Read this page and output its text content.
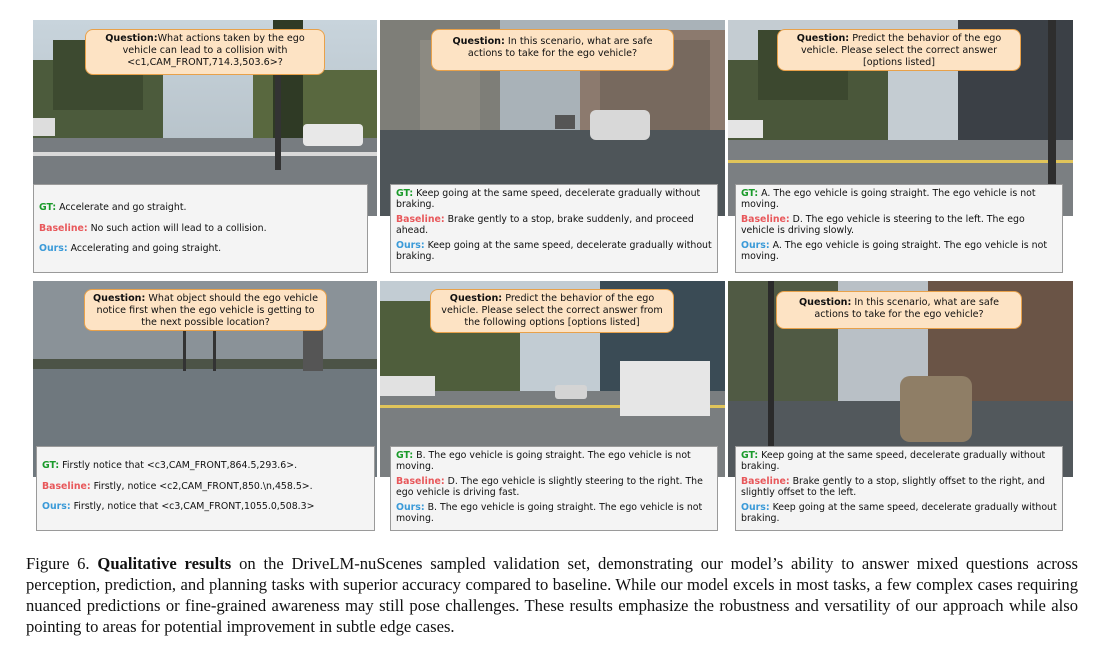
Question:What actions taken by the ego vehicle can lead to a collision with <c1,CAM_FRONT,714.3,503.6>?

GT: Accelerate and go straight.

Baseline: No such action will lead to a collision.

Ours: Accelerating and going straight.

Question: In this scenario, what are safe actions to take for the ego vehicle?

GT: Keep going at the same speed, decelerate gradually without braking.

Baseline: Brake gently to a stop, brake suddenly, and proceed ahead.

Ours: Keep going at the same speed, decelerate gradually without braking.

Question: Predict the behavior of the ego vehicle. Please select the correct answer [options listed]

GT: A. The ego vehicle is going straight. The ego vehicle is not moving.

Baseline: D. The ego vehicle is steering to the left. The ego vehicle is driving slowly.

Ours: A. The ego vehicle is going straight. The ego vehicle is not moving.

Question: What object should the ego vehicle notice first when the ego vehicle is getting to the next possible location?

GT: Firstly notice that <c3,CAM_FRONT,864.5,293.6>.

Baseline: Firstly, notice <c2,CAM_FRONT,850.\n,458.5>.

Ours: Firstly, notice that <c3,CAM_FRONT,1055.0,508.3>

Question: Predict the behavior of the ego vehicle. Please select the correct answer from the following options [options listed]

GT: B. The ego vehicle is going straight. The ego vehicle is not moving.

Baseline: D. The ego vehicle is slightly steering to the right. The ego vehicle is driving fast.

Ours: B. The ego vehicle is going straight. The ego vehicle is not moving.

Question: In this scenario, what are safe actions to take for the ego vehicle?

GT: Keep going at the same speed, decelerate gradually without braking.

Baseline: Brake gently to a stop, slightly offset to the right, and slightly offset to the left.

Ours: Keep going at the same speed, decelerate gradually without braking.

Figure 6. Qualitative results on the DriveLM-nuScenes sampled validation set, demonstrating our model’s ability to answer mixed questions across perception, prediction, and planning tasks with superior accuracy compared to baseline. While our model excels in most tasks, a few complex cases requiring nuanced predictions or fine-grained awareness may still pose challenges. These results emphasize the robustness and versatility of our approach while also pointing to areas for potential improvement in subtle edge cases.
